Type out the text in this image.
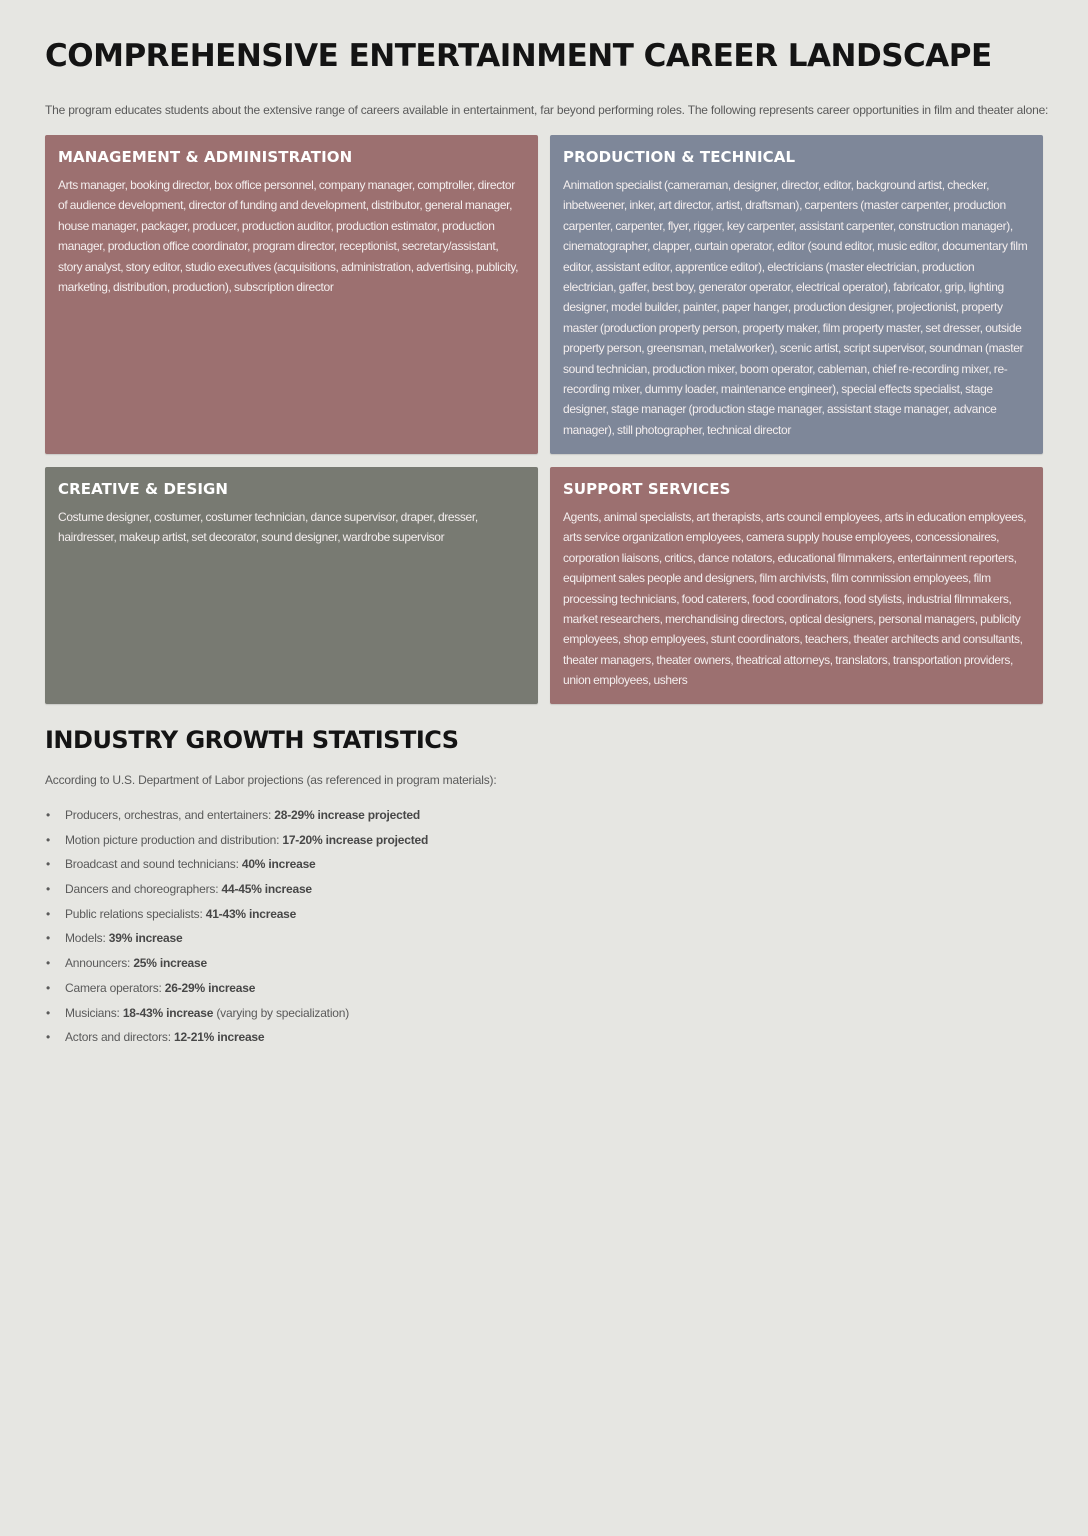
COMPREHENSIVE ENTERTAINMENT CAREER LANDSCAPE

The program educates students about the extensive range of careers available in entertainment, far beyond performing roles. The following represents career opportunities in film and theater alone:

MANAGEMENT & ADMINISTRATION

Arts manager, booking director, box office personnel, company manager, comptroller, director of audience development, director of funding and development, distributor, general manager, house manager, packager, producer, production auditor, production estimator, production manager, production office coordinator, program director, receptionist, secretary/assistant, story analyst, story editor, studio executives (acquisitions, administration, advertising, publicity, marketing, distribution, production), subscription director

PRODUCTION & TECHNICAL

Animation specialist (cameraman, designer, director, editor, background artist, checker, inbetweener, inker, art director, artist, draftsman), carpenters (master carpenter, production carpenter, carpenter, flyer, rigger, key carpenter, assistant carpenter, construction manager), cinematographer, clapper, curtain operator, editor (sound editor, music editor, documentary film editor, assistant editor, apprentice editor), electricians (master electrician, production electrician, gaffer, best boy, generator operator, electrical operator), fabricator, grip, lighting designer, model builder, painter, paper hanger, production designer, projectionist, property master (production property person, property maker, film property master, set dresser, outside property person, greensman, metalworker), scenic artist, script supervisor, soundman (master sound technician, production mixer, boom operator, cableman, chief re-recording mixer, re-recording mixer, dummy loader, maintenance engineer), special effects specialist, stage designer, stage manager (production stage manager, assistant stage manager, advance manager), still photographer, technical director

CREATIVE & DESIGN

Costume designer, costumer, costumer technician, dance supervisor, draper, dresser, hairdresser, makeup artist, set decorator, sound designer, wardrobe supervisor

SUPPORT SERVICES

Agents, animal specialists, art therapists, arts council employees, arts in education employees, arts service organization employees, camera supply house employees, concessionaires, corporation liaisons, critics, dance notators, educational filmmakers, entertainment reporters, equipment sales people and designers, film archivists, film commission employees, film processing technicians, food caterers, food coordinators, food stylists, industrial filmmakers, market researchers, merchandising directors, optical designers, personal managers, publicity employees, shop employees, stunt coordinators, teachers, theater architects and consultants, theater managers, theater owners, theatrical attorneys, translators, transportation providers, union employees, ushers

INDUSTRY GROWTH STATISTICS

According to U.S. Department of Labor projections (as referenced in program materials):

• Producers, orchestras, and entertainers: 28-29% increase projected
• Motion picture production and distribution: 17-20% increase projected
• Broadcast and sound technicians: 40% increase
• Dancers and choreographers: 44-45% increase
• Public relations specialists: 41-43% increase
• Models: 39% increase
• Announcers: 25% increase
• Camera operators: 26-29% increase
• Musicians: 18-43% increase (varying by specialization)
• Actors and directors: 12-21% increase
